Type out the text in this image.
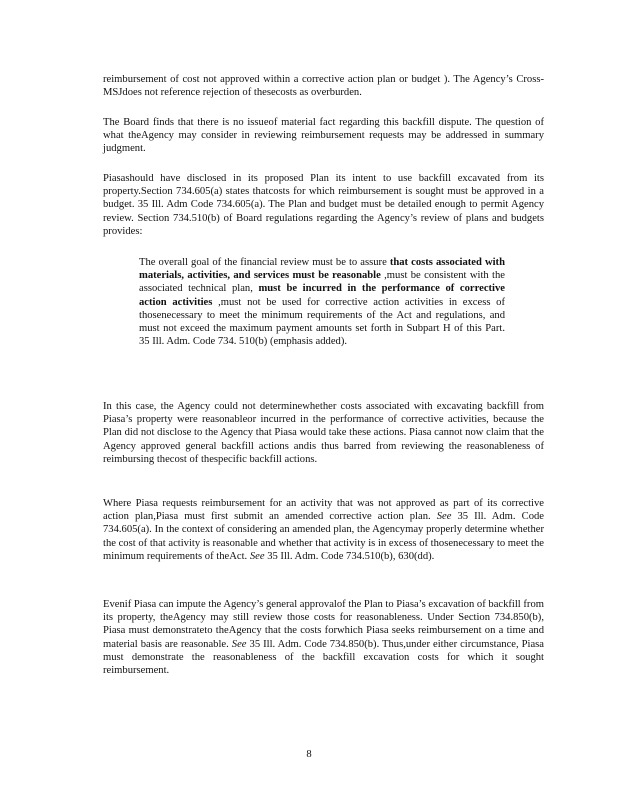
reimbursement of cost not approved within a corrective action plan or budget ). The Agency’s Cross-MSJdoes not reference rejection of thesecosts as overburden.

The Board finds that there is no issueof material fact regarding this backfill dispute. The question of what theAgency may consider in reviewing reimbursement requests may be addressed in summary judgment.

Piasashould have disclosed in its proposed Plan its intent to use backfill excavated from its property.Section 734.605(a) states thatcosts for which reimbursement is sought must be approved in a budget. 35 Ill. Adm Code 734.605(a). The Plan and budget must be detailed enough to permit Agency review. Section 734.510(b) of Board regulations regarding the Agency’s review of plans and budgets provides:

The overall goal of the financial review must be to assure that costs associated with materials, activities, and services must be reasonable ,must be consistent with the associated technical plan, must be incurred in the performance of corrective action activities ,must not be used for corrective action activities in excess of thosenecessary to meet the minimum requirements of the Act and regulations, and must not exceed the maximum payment amounts set forth in Subpart H of this Part. 35 Ill. Adm. Code 734. 510(b) (emphasis added).

In this case, the Agency could not determinewhether costs associated with excavating backfill from Piasa’s property were reasonableor incurred in the performance of corrective activities, because the Plan did not disclose to the Agency that Piasa would take these actions. Piasa cannot now claim that the Agency approved general backfill actions andis thus barred from reviewing the reasonableness of reimbursing thecost of thespecific backfill actions.

Where Piasa requests reimbursement for an activity that was not approved as part of its corrective action plan,Piasa must first submit an amended corrective action plan. See 35 Ill. Adm. Code 734.605(a). In the context of considering an amended plan, the Agencymay properly determine whether the cost of that activity is reasonable and whether that activity is in excess of thosenecessary to meet the minimum requirements of theAct. See 35 Ill. Adm. Code 734.510(b), 630(dd).

Evenif Piasa can impute the Agency’s general approvalof the Plan to Piasa’s excavation of backfill from its property, theAgency may still review those costs for reasonableness. Under Section 734.850(b), Piasa must demonstrateto theAgency that the costs forwhich Piasa seeks reimbursement on a time and material basis are reasonable. See 35 Ill. Adm. Code 734.850(b). Thus,under either circumstance, Piasa must demonstrate the reasonableness of the backfill excavation costs for which it sought reimbursement.

8
